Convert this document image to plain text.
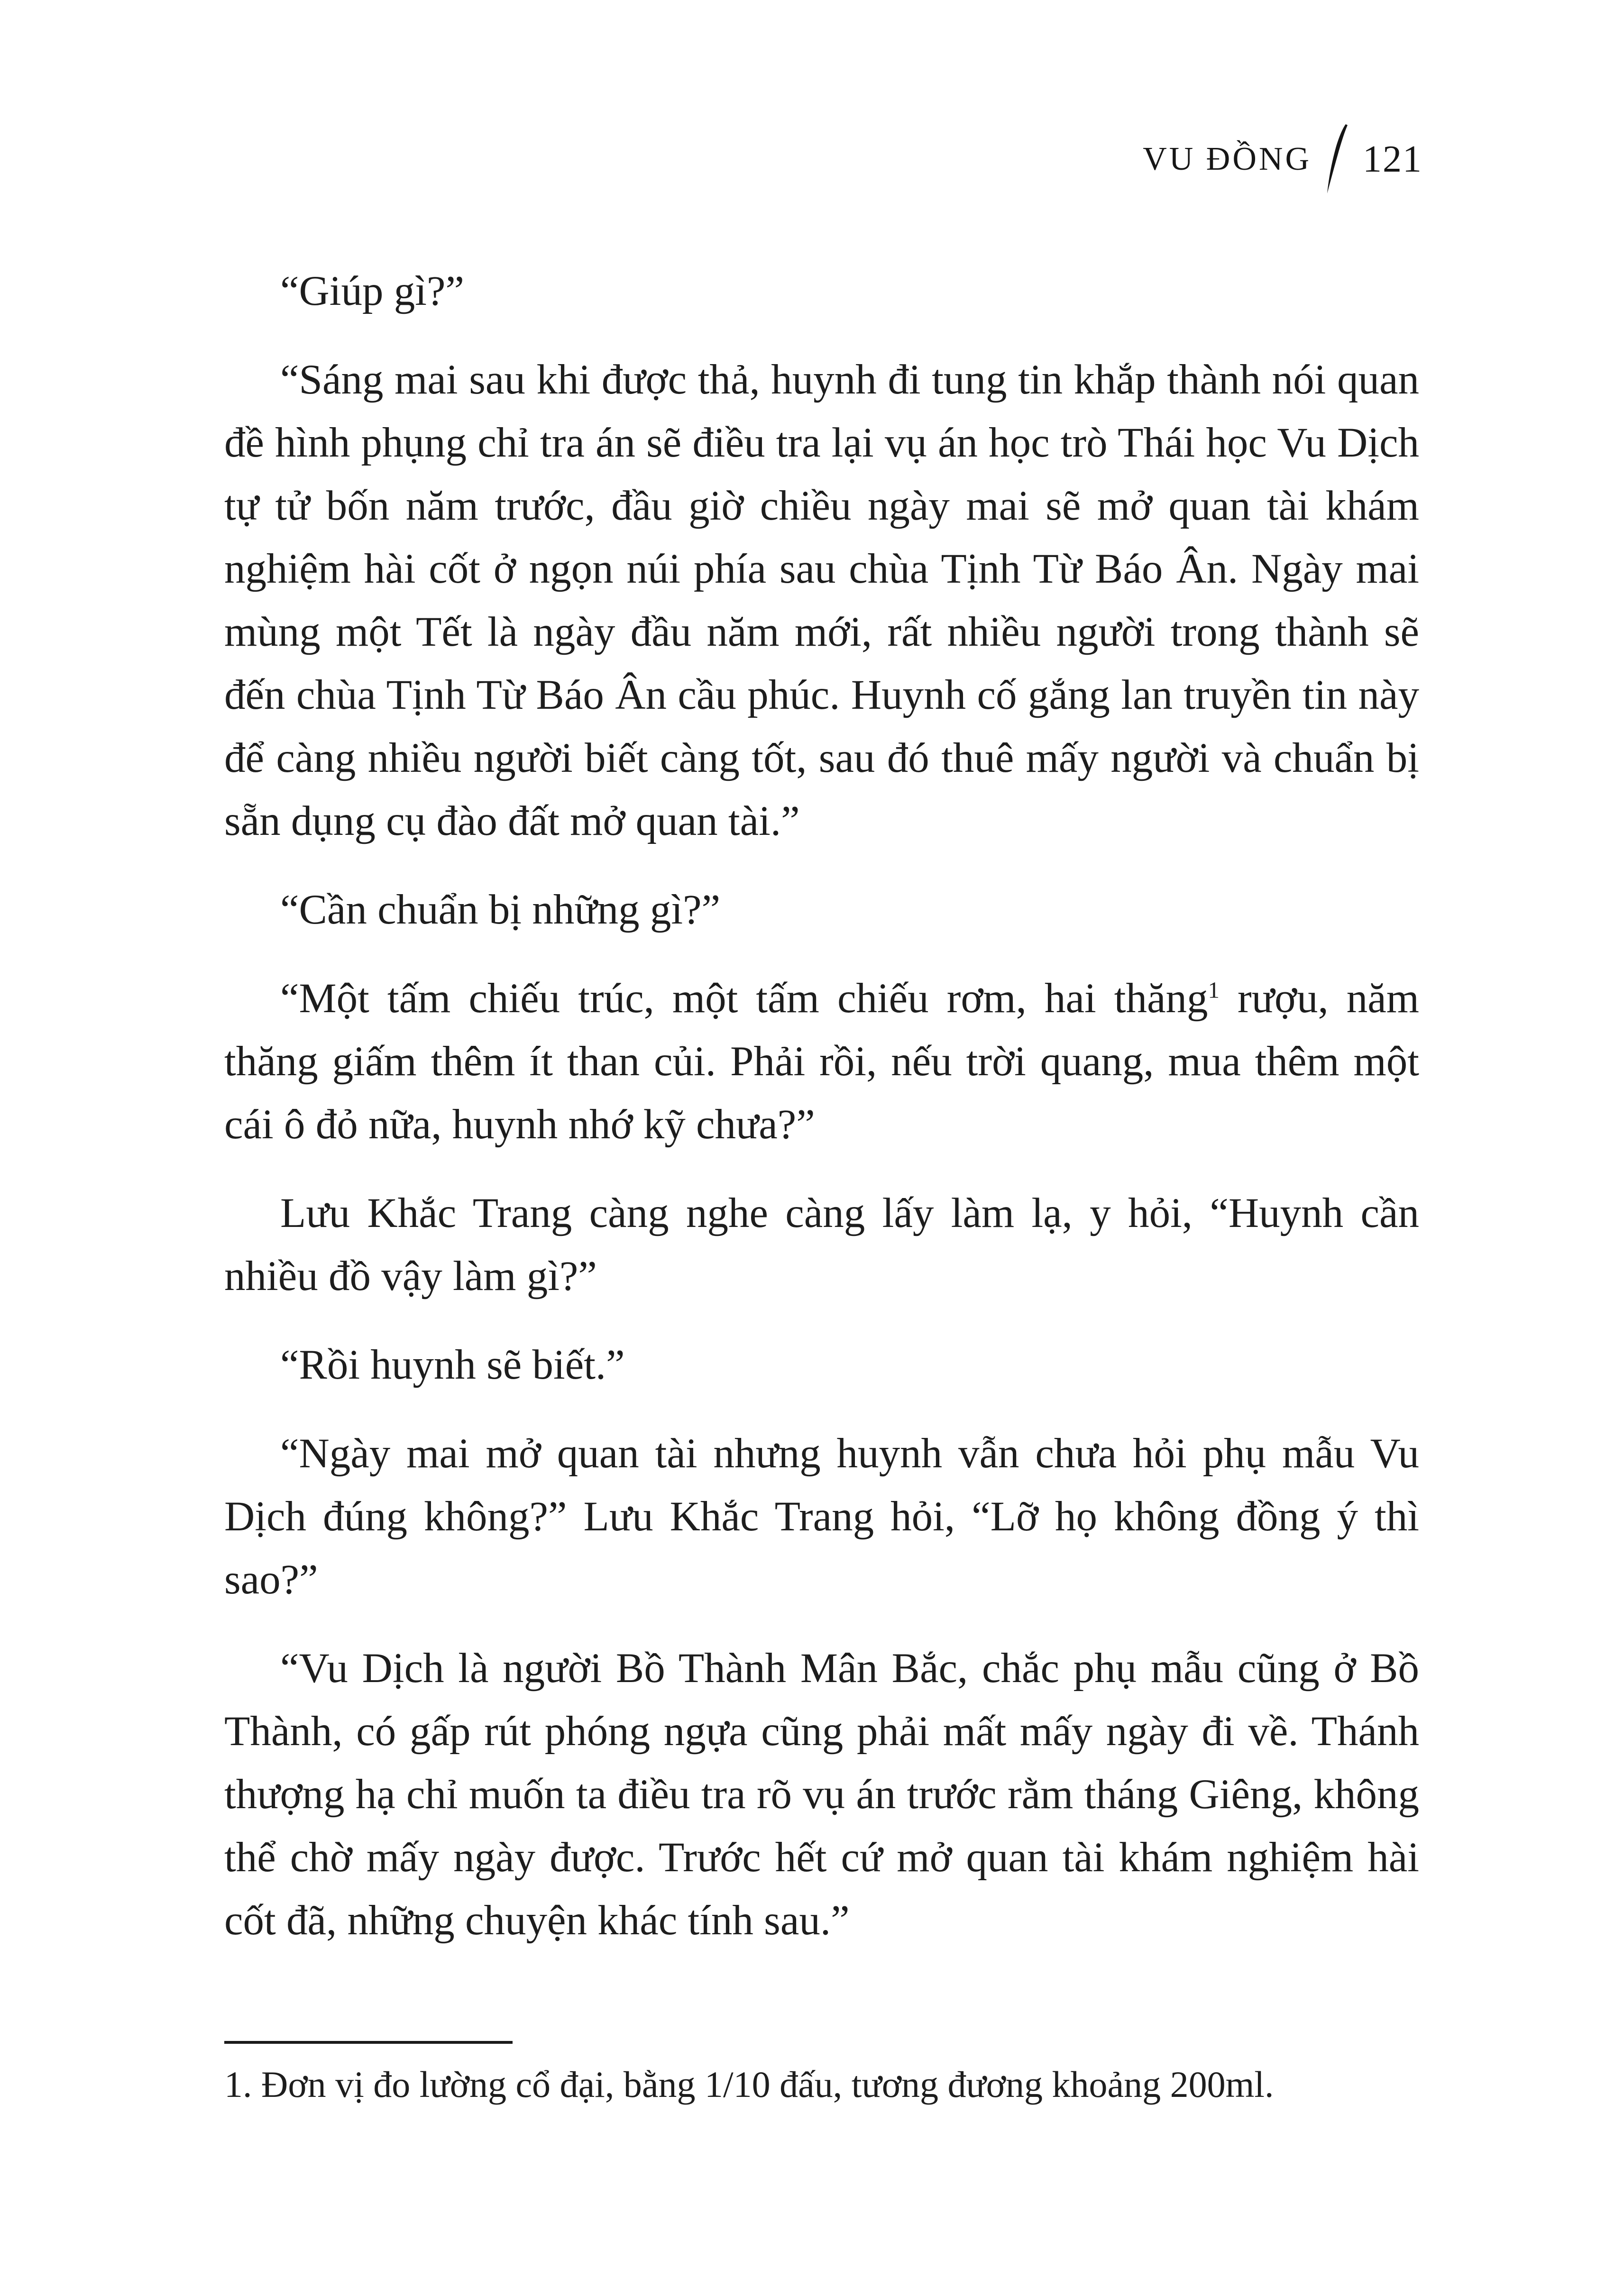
VU ĐỒNG 121

“Giúp gì?”

“Sáng mai sau khi được thả, huynh đi tung tin khắp thành nói quan đề hình phụng chỉ tra án sẽ điều tra lại vụ án học trò Thái học Vu Dịch tự tử bốn năm trước, đầu giờ chiều ngày mai sẽ mở quan tài khám nghiệm hài cốt ở ngọn núi phía sau chùa Tịnh Từ Báo Ân. Ngày mai mùng một Tết là ngày đầu năm mới, rất nhiều người trong thành sẽ đến chùa Tịnh Từ Báo Ân cầu phúc. Huynh cố gắng lan truyền tin này để càng nhiều người biết càng tốt, sau đó thuê mấy người và chuẩn bị sẵn dụng cụ đào đất mở quan tài.”

“Cần chuẩn bị những gì?”

“Một tấm chiếu trúc, một tấm chiếu rơm, hai thăng$^1$ rượu, năm thăng giấm thêm ít than củi. Phải rồi, nếu trời quang, mua thêm một cái ô đỏ nữa, huynh nhớ kỹ chưa?”

Lưu Khắc Trang càng nghe càng lấy làm lạ, y hỏi, “Huynh cần nhiều đồ vậy làm gì?”

“Rồi huynh sẽ biết.”

“Ngày mai mở quan tài nhưng huynh vẫn chưa hỏi phụ mẫu Vu Dịch đúng không?” Lưu Khắc Trang hỏi, “Lỡ họ không đồng ý thì sao?”

“Vu Dịch là người Bồ Thành Mân Bắc, chắc phụ mẫu cũng ở Bồ Thành, có gấp rút phóng ngựa cũng phải mất mấy ngày đi về. Thánh thượng hạ chỉ muốn ta điều tra rõ vụ án trước rằm tháng Giêng, không thể chờ mấy ngày được. Trước hết cứ mở quan tài khám nghiệm hài cốt đã, những chuyện khác tính sau.”

1. Đơn vị đo lường cổ đại, bằng 1/10 đấu, tương đương khoảng 200ml.
